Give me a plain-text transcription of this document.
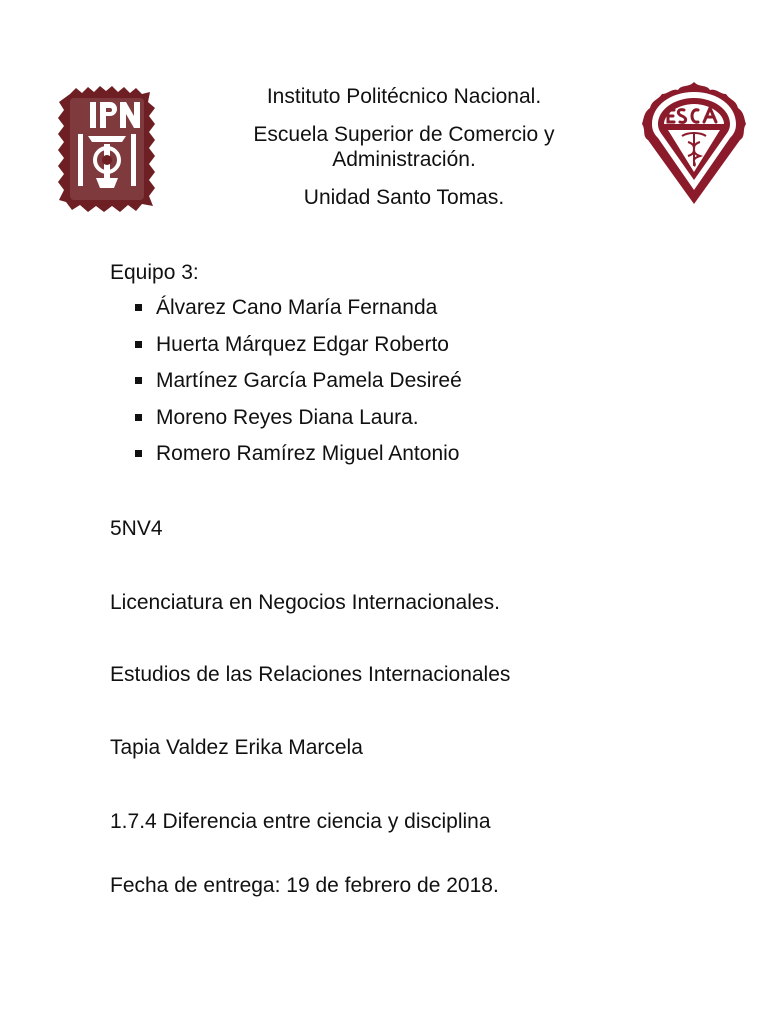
Instituto Politécnico Nacional.
Escuela Superior de Comercio y Administración.
Unidad Santo Tomas.
Equipo 3:
Álvarez Cano María Fernanda
Huerta Márquez Edgar Roberto
Martínez García Pamela Desireé
Moreno Reyes Diana Laura.
Romero Ramírez Miguel Antonio
5NV4
Licenciatura en Negocios Internacionales.
Estudios de las Relaciones Internacionales
Tapia Valdez Erika Marcela
1.7.4 Diferencia entre ciencia y disciplina
Fecha de entrega: 19 de febrero de 2018.
